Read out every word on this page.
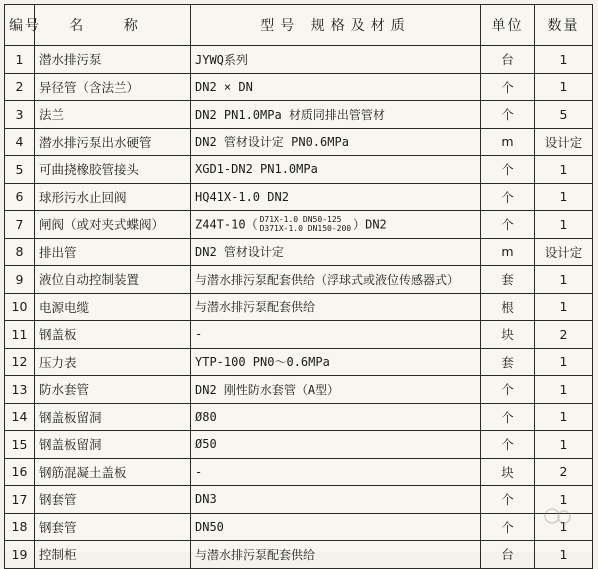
编号	名 称	型号 规格及材质	单位	数量
1	潜水排污泵	JYWQ系列	台	1
2	异径管（含法兰）	DN2 × DN	个	1
3	法兰	DN2 PN1.0MPa 材质同排出管管材	个	5
4	潜水排污泵出水硬管	DN2 管材设计定 PN0.6MPa	m	设计定
5	可曲挠橡胶管接头	XGD1-DN2 PN1.0MPa	个	1
6	球形污水止回阀	HQ41X-1.0 DN2	个	1
7	闸阀（或对夹式蝶阀）	Z44T-10（ D71X-1.0 DN50-125
D371X-1.0 DN150-200 ）DN2	个	1
8	排出管	DN2 管材设计定	m	设计定
9	液位自动控制装置	与潜水排污泵配套供给（浮球式或液位传感器式）	套	1
10	电源电缆	与潜水排污泵配套供给	根	1
11	钢盖板	-	块	2
12	压力表	YTP-100 PN0～0.6MPa	套	1
13	防水套管	DN2 刚性防水套管（A型）	个	1
14	钢盖板留洞	Ø80	个	1
15	钢盖板留洞	Ø50	个	1
16	钢筋混凝土盖板	-	块	2
17	钢套管	DN3	个	1
18	钢套管	DN50	个	1
19	控制柜	与潜水排污泵配套供给	台	1
